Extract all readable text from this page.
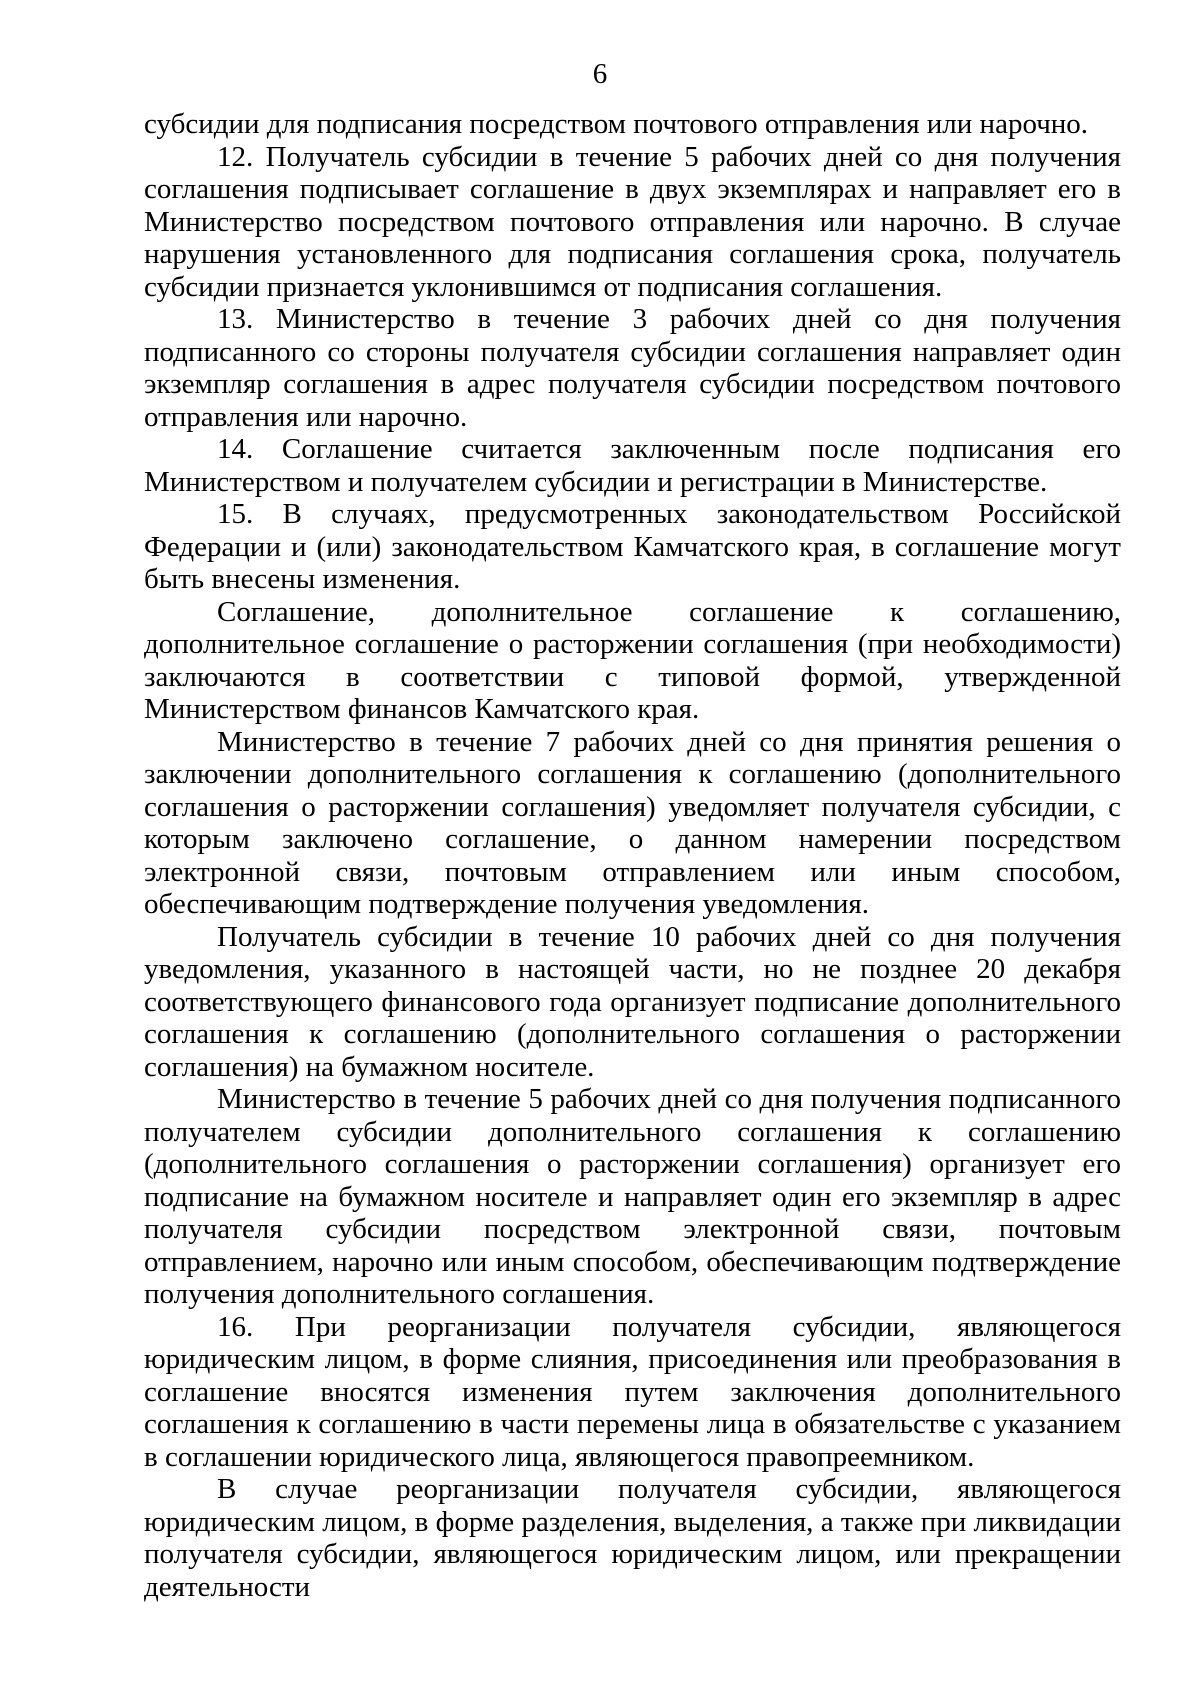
6

субсидии для подписания посредством почтового отправления или нарочно.

12. Получатель субсидии в течение 5 рабочих дней со дня получения соглашения подписывает соглашение в двух экземплярах и направляет его в Министерство посредством почтового отправления или нарочно. В случае нарушения установленного для подписания соглашения срока, получатель субсидии признается уклонившимся от подписания соглашения.

13. Министерство в течение 3 рабочих дней со дня получения подписанного со стороны получателя субсидии соглашения направляет один экземпляр соглашения в адрес получателя субсидии посредством почтового отправления или нарочно.

14. Соглашение считается заключенным после подписания его Министерством и получателем субсидии и регистрации в Министерстве.

15. В случаях, предусмотренных законодательством Российской Федерации и (или) законодательством Камчатского края, в соглашение могут быть внесены изменения.

Соглашение, дополнительное соглашение к соглашению, дополнительное соглашение о расторжении соглашения (при необходимости) заключаются в соответствии с типовой формой, утвержденной Министерством финансов Камчатского края.

Министерство в течение 7 рабочих дней со дня принятия решения о заключении дополнительного соглашения к соглашению (дополнительного соглашения о расторжении соглашения) уведомляет получателя субсидии, с которым заключено соглашение, о данном намерении посредством электронной связи, почтовым отправлением или иным способом, обеспечивающим подтверждение получения уведомления.

Получатель субсидии в течение 10 рабочих дней со дня получения уведомления, указанного в настоящей части, но не позднее 20 декабря соответствующего финансового года организует подписание дополнительного соглашения к соглашению (дополнительного соглашения о расторжении соглашения) на бумажном носителе.

Министерство в течение 5 рабочих дней со дня получения подписанного получателем субсидии дополнительного соглашения к соглашению (дополнительного соглашения о расторжении соглашения) организует его подписание на бумажном носителе и направляет один его экземпляр в адрес получателя субсидии посредством электронной связи, почтовым отправлением, нарочно или иным способом, обеспечивающим подтверждение получения дополнительного соглашения.

16. При реорганизации получателя субсидии, являющегося юридическим лицом, в форме слияния, присоединения или преобразования в соглашение вносятся изменения путем заключения дополнительного соглашения к соглашению в части перемены лица в обязательстве с указанием в соглашении юридического лица, являющегося правопреемником.

В случае реорганизации получателя субсидии, являющегося юридическим лицом, в форме разделения, выделения, а также при ликвидации получателя субсидии, являющегося юридическим лицом, или прекращении деятельности
